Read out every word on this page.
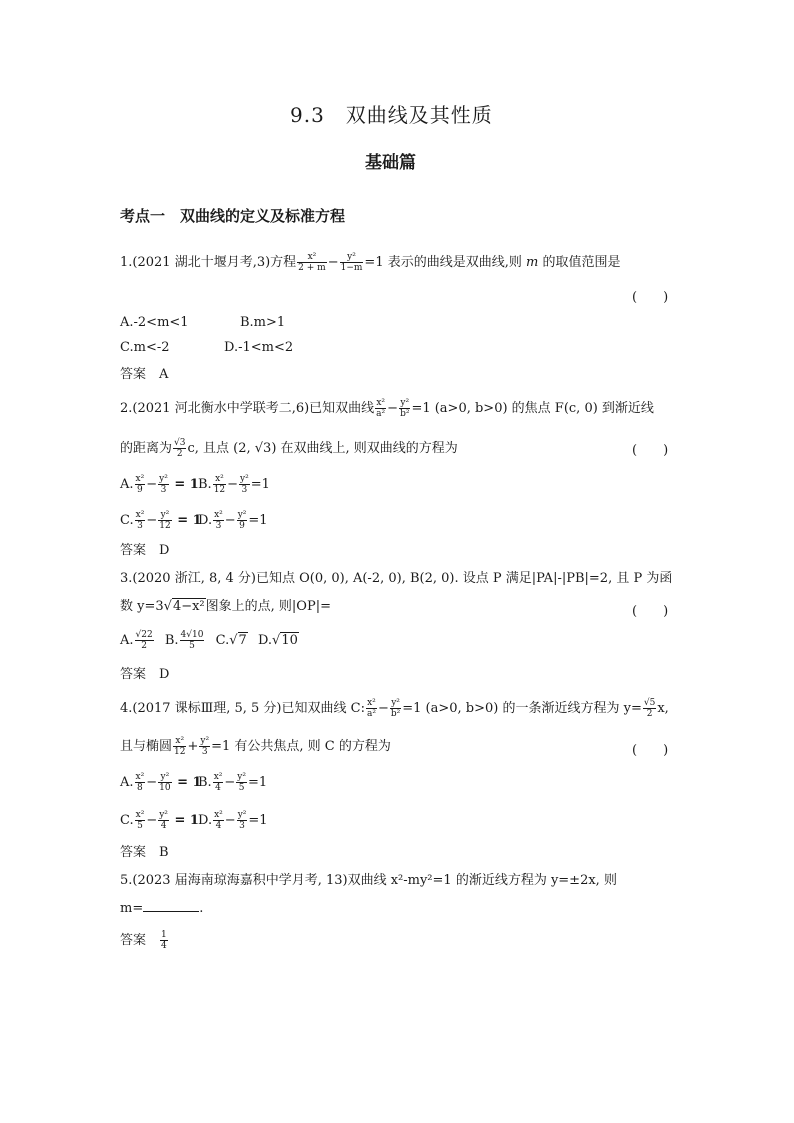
9.3　双曲线及其性质
基础篇
考点一　双曲线的定义及标准方程
1.(2021 湖北十堰月考,3)方程 $\frac{\text{x²}}{2 + m} - \frac{\text{y²}}{1-m} =1$ 表示的曲线是双曲线,则 m 的取值范围是
(　　)
A.-2<m<1	B.m>1
C.m<-2	D.-1<m<2
答案　 A
2.(2021 河北衡水中学联考二,6)已知双曲线 $\frac{\text{x²}}{\text{a²}} - \frac{\text{y²}}{\text{b²}} =1$ (a>0, b>0) 的焦点 F(c, 0) 到渐近线
的距离为 $\frac{√3}{2} c$, 且点 (2, √3) 在双曲线上, 则双曲线的方程为	(　　)
A. $\frac{\text{x²}}{9} - \frac{\text{y²}}{3} = 1$ B. $\frac{\text{x²}}{12} - \frac{\text{y²}}{3} =1$
C. $\frac{\text{x²}}{3} - \frac{\text{y²}}{12} = 1$
D. $\frac{\text{x²}}{3} - \frac{\text{y²}}{9} =1$
答案　 D
3.(2020 浙江, 8, 4 分)已知点 O(0, 0), A(-2, 0), B(2, 0). 设点 P 满足|PA|-|PB|=2, 且 P 为函
数 y=3√4−x²图象上的点, 则|OP|=	(　　)
A. $\frac{√22}{2} B$. $\frac{4√10}{5} C.√7$ D.√10
答案　 D
4.(2017 课标Ⅲ理, 5, 5 分)已知双曲线 C: $\frac{\text{x²}}{\text{a²}} - \frac{\text{y²}}{\text{b²}} =1$ (a>0, b>0) 的一条渐近线方程为 $y= \frac{√5}{2} x$,
且与椭圆 $\frac{\text{x²}}{12} + \frac{\text{y²}}{3} =1$ 有公共焦点, 则 C 的方程为	(　　)
A. $\frac{\text{x²}}{8} - \frac{\text{y²}}{10} = 1$
B. $\frac{\text{x²}}{4} - \frac{\text{y²}}{5} =1$
C. $\frac{\text{x²}}{5} - \frac{\text{y²}}{4} = 1$ D. $\frac{\text{x²}}{4} - \frac{\text{y²}}{3} =1$
答案　 B
5.(2023 届海南琼海嘉积中学月考, 13)双曲线 x²-my²=1 的渐近线方程为 y=±2x, 则
m=	.
答案　 $\frac{1}{4}$
